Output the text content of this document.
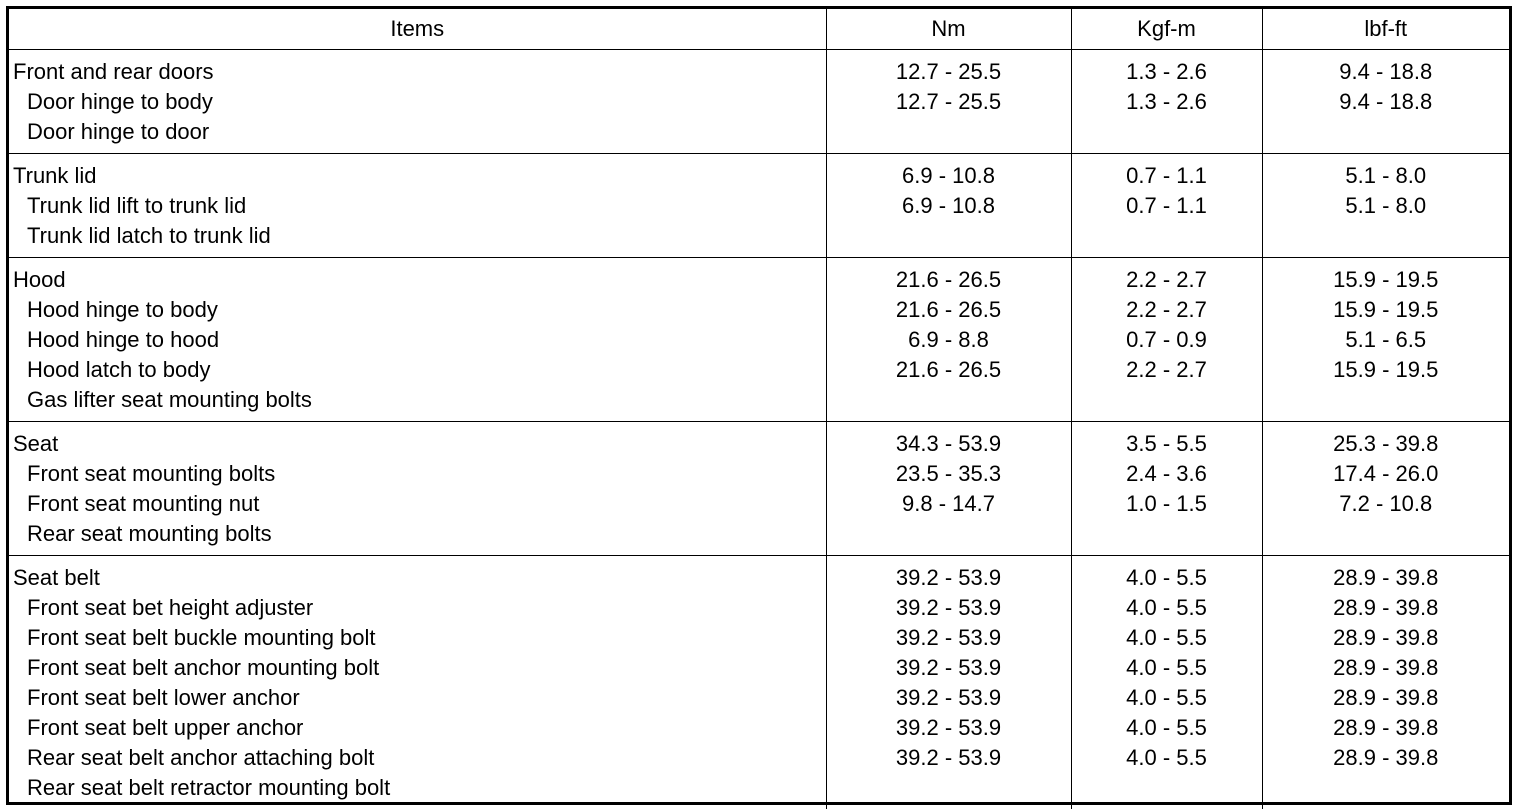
Items	Nm	Kgf-m	lbf-ft
Front and rear doors	12.7 - 25.5	1.3 - 2.6	9.4 - 18.8
Door hinge to body	12.7 - 25.5	1.3 - 2.6	9.4 - 18.8
Door hinge to door			
Trunk lid	6.9 - 10.8	0.7 - 1.1	5.1 - 8.0
Trunk lid lift to trunk lid	6.9 - 10.8	0.7 - 1.1	5.1 - 8.0
Trunk lid latch to trunk lid			
Hood	21.6 - 26.5	2.2 - 2.7	15.9 - 19.5
Hood hinge to body	21.6 - 26.5	2.2 - 2.7	15.9 - 19.5
Hood hinge to hood	6.9 - 8.8	0.7 - 0.9	5.1 - 6.5
Hood latch to body	21.6 - 26.5	2.2 - 2.7	15.9 - 19.5
Gas lifter seat mounting bolts			
Seat	34.3 - 53.9	3.5 - 5.5	25.3 - 39.8
Front seat mounting bolts	23.5 - 35.3	2.4 - 3.6	17.4 - 26.0
Front seat mounting nut	9.8 - 14.7	1.0 - 1.5	7.2 - 10.8
Rear seat mounting bolts			
Seat belt	39.2 - 53.9	4.0 - 5.5	28.9 - 39.8
Front seat bet height adjuster	39.2 - 53.9	4.0 - 5.5	28.9 - 39.8
Front seat belt buckle mounting bolt	39.2 - 53.9	4.0 - 5.5	28.9 - 39.8
Front seat belt anchor mounting bolt	39.2 - 53.9	4.0 - 5.5	28.9 - 39.8
Front seat belt lower anchor	39.2 - 53.9	4.0 - 5.5	28.9 - 39.8
Front seat belt upper anchor	39.2 - 53.9	4.0 - 5.5	28.9 - 39.8
Rear seat belt anchor attaching bolt	39.2 - 53.9	4.0 - 5.5	28.9 - 39.8
Rear seat belt retractor mounting bolt			
